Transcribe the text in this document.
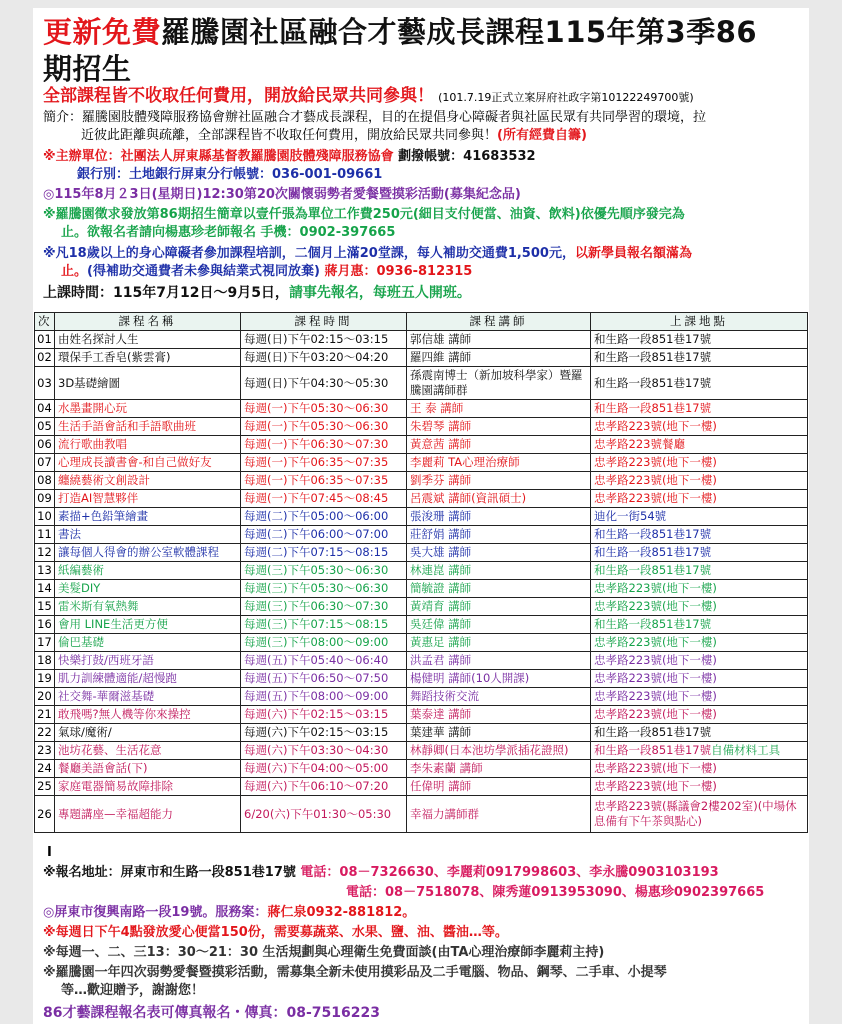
更新免費羅騰園社區融合才藝成長課程115年第3季86期招生
全部課程皆不收取任何費用，開放給民眾共同參與！ (101.7.19正式立案屏府社政字第10122249700號)
簡介：羅騰園肢體殘障服務協會辦社區融合才藝成長課程，目的在提倡身心障礙者與社區民眾有共同學習的環境，拉
近彼此距離與疏離，全部課程皆不收取任何費用，開放給民眾共同參與！(所有經費自籌)
※主辦單位：社團法人屏東縣基督教羅騰園肢體殘障服務協會 劃撥帳號：41683532
銀行別：土地銀行屏東分行帳號：036-001-09661
◎115年8月２3日(星期日)12:30第20次關懷弱勢者愛餐暨摸彩活動(募集紀念品)
※羅騰園徵求發放第86期招生簡章以壹仟張為單位工作費250元(細目支付便當、油資、飲料)依優先順序發完為
止。欲報名者請向楊惠珍老師報名 手機：0902-397665
※凡18歲以上的身心障礙者參加課程培訓，二個月上滿20堂課，每人補助交通費1,500元，以新學員報名額滿為
止。(得補助交通費者未參與結業式視同放棄) 蔣月惠：0936-812315
上課時間：115年7月12日～9月5日，請事先報名，每班五人開班。
次	課程名稱	課程時間	課程講師	上課地點
01	由姓名探討人生	每週(日)下午02:15～03:15	郭信雄 講師	和生路一段851巷17號
02	環保手工香皂(紫雲膏)	每週(日)下午03:20～04:20	羅四維 講師	和生路一段851巷17號
03	3D基礎繪圖	每週(日)下午04:30～05:30	孫震南博士（新加坡科學家）暨羅騰園講師群	和生路一段851巷17號
04	水墨畫開心玩	每週(一)下午05:30～06:30	王 泰 講師	和生路一段851巷17號
05	生活手語會話和手語歌曲班	每週(一)下午05:30～06:30	朱碧琴 講師	忠孝路223號(地下一樓)
06	流行歌曲教唱	每週(一)下午06:30～07:30	黃意茜 講師	忠孝路223號餐廳
07	心理成長讀書會-和自己做好友	每週(一)下午06:35～07:35	李麗莉 TA心理治療師	忠孝路223號(地下一樓)
08	纏繞藝術文創設計	每週(一)下午06:35～07:35	劉季芬 講師	忠孝路223號(地下一樓)
09	打造AI智慧夥伴	每週(一)下午07:45～08:45	呂震斌 講師(資訊碩士)	忠孝路223號(地下一樓)
10	素描+色鉛筆繪畫	每週(二)下午05:00～06:00	張浚珊 講師	迪化一街54號
11	書法	每週(二)下午06:00～07:00	莊舒娟 講師	和生路一段851巷17號
12	讓每個人得會的辦公室軟體課程	每週(二)下午07:15～08:15	吳大雄 講師	和生路一段851巷17號
13	紙編藝術	每週(三)下午05:30～06:30	林連崑 講師	和生路一段851巷17號
14	美髮DIY	每週(三)下午05:30～06:30	簡毓證 講師	忠孝路223號(地下一樓)
15	雷米斯有氧熱舞	每週(三)下午06:30～07:30	黃靖育 講師	忠孝路223號(地下一樓)
16	會用 LINE生活更方便	每週(三)下午07:15～08:15	吳廷偉 講師	和生路一段851巷17號
17	倫巴基礎	每週(三)下午08:00～09:00	黃惠足 講師	忠孝路223號(地下一樓)
18	快樂打鼓/西班牙語	每週(五)下午05:40～06:40	洪孟君 講師	忠孝路223號(地下一樓)
19	肌力訓練體適能/超慢跑	每週(五)下午06:50～07:50	楊健明 講師(10人開課)	忠孝路223號(地下一樓)
20	社交舞-華爾滋基礎	每週(五)下午08:00～09:00	舞蹈技術交流	忠孝路223號(地下一樓)
21	敢飛嗎?無人機等你來操控	每週(六)下午02:15～03:15	葉泰達 講師	忠孝路223號(地下一樓)
22	氣球/魔術/	每週(六)下午02:15～03:15	葉建華 講師	和生路一段851巷17號
23	池坊花藝、生活花意	每週(六)下午03:30～04:30	林靜卿(日本池坊學派插花證照)	和生路一段851巷17號自備材料工具
24	餐廳美語會話(下)	每週(六)下午04:00～05:00	李朱素蘭 講師	忠孝路223號(地下一樓)
25	家庭電器簡易故障排除	每週(六)下午06:10～07:20	任偉明 講師	忠孝路223號(地下一樓)
26	專題講座—幸福超能力	6/20(六)下午01:30～05:30	幸福力講師群	忠孝路223號(縣議會2樓202室)(中場休息備有下午茶與點心)
I
※報名地址：屏東市和生路一段851巷17號 電話：08－7326630、李麗莉0917998603、李永騰0903103193
電話：08－7518078、陳秀蓮0913953090、楊惠珍0902397665
◎屏東市復興南路一段19號。服務案：蔣仁泉0932-881812。
※每週日下午4點發放愛心便當150份，需要募蔬菜、水果、鹽、油、醬油…等。
※每週一、二、三13：30～21：30 生活規劃與心理衛生免費面談(由TA心理治療師李麗莉主持)
※羅騰園一年四次弱勢愛餐暨摸彩活動，需募集全新未使用摸彩品及二手電腦、物品、鋼琴、二手車、小提琴
等…歡迎贈予，謝謝您！
86才藝課程報名表可傳真報名・傳真：08-7516223
